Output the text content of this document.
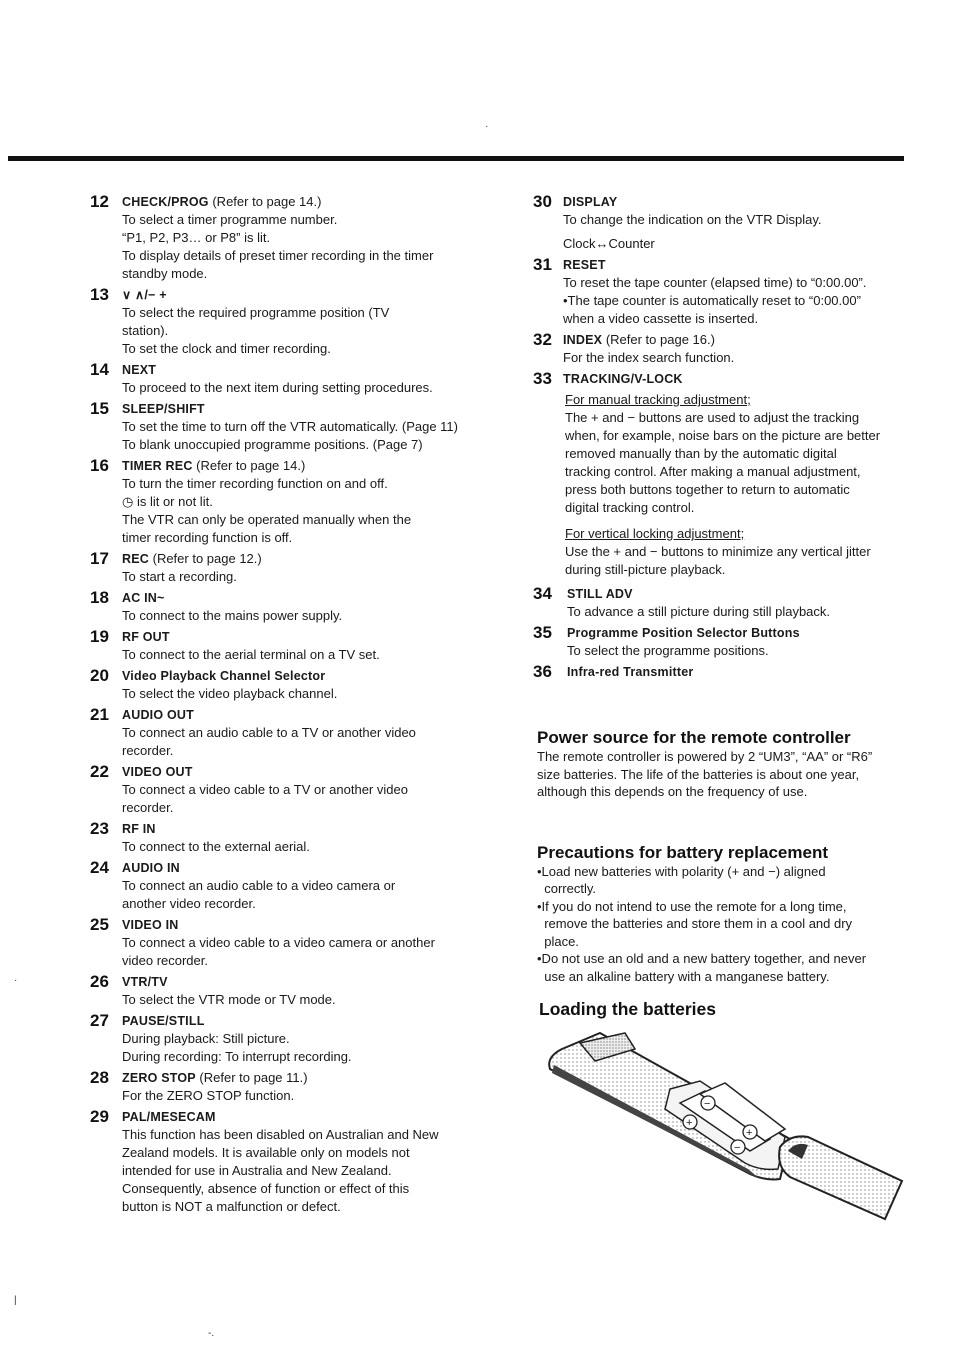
·
12 CHECK/PROG (Refer to page 14.)
To select a timer programme number.
“P1, P2, P3… or P8” is lit.
To display details of preset timer recording in the timer
standby mode.
13 ∨ ∧/− +
To select the required programme position (TV
station).
To set the clock and timer recording.
14 NEXT
To proceed to the next item during setting procedures.
15 SLEEP/SHIFT
To set the time to turn off the VTR automatically. (Page 11)
To blank unoccupied programme positions. (Page 7)
16 TIMER REC (Refer to page 14.)
To turn the timer recording function on and off.
◷ is lit or not lit.
The VTR can only be operated manually when the
timer recording function is off.
17 REC (Refer to page 12.)
To start a recording.
18 AC IN~
To connect to the mains power supply.
19 RF OUT
To connect to the aerial terminal on a TV set.
20 Video Playback Channel Selector
To select the video playback channel.
21 AUDIO OUT
To connect an audio cable to a TV or another video
recorder.
22 VIDEO OUT
To connect a video cable to a TV or another video
recorder.
23 RF IN
To connect to the external aerial.
24 AUDIO IN
To connect an audio cable to a video camera or
another video recorder.
25 VIDEO IN
To connect a video cable to a video camera or another
video recorder.
26 VTR/TV
To select the VTR mode or TV mode.
27 PAUSE/STILL
During playback: Still picture.
During recording: To interrupt recording.
28 ZERO STOP (Refer to page 11.)
For the ZERO STOP function.
29 PAL/MESECAM
This function has been disabled on Australian and New
Zealand models. It is available only on models not
intended for use in Australia and New Zealand.
Consequently, absence of function or effect of this
button is NOT a malfunction or defect.
30 DISPLAY
To change the indication on the VTR Display.
Clock↔Counter
31 RESET
To reset the tape counter (elapsed time) to “0:00.00”.
•The tape counter is automatically reset to “0:00.00”
when a video cassette is inserted.
32 INDEX (Refer to page 16.)
For the index search function.
33 TRACKING/V-LOCK
For manual tracking adjustment;
The + and − buttons are used to adjust the tracking
when, for example, noise bars on the picture are better
removed manually than by the automatic digital
tracking control. After making a manual adjustment,
press both buttons together to return to automatic
digital tracking control.
For vertical locking adjustment;
Use the + and − buttons to minimize any vertical jitter
during still-picture playback.
34 STILL ADV
To advance a still picture during still playback.
35 Programme Position Selector Buttons
To select the programme positions.
36 Infra-red Transmitter
Power source for the remote controller

The remote controller is powered by 2 “UM3”, “AA” or “R6”

size batteries. The life of the batteries is about one year,

although this depends on the frequency of use.

Precautions for battery replacement

•Load new batteries with polarity (+ and −) aligned

correctly.

•If you do not intend to use the remote for a long time,

remove the batteries and store them in a cool and dry

place.

•Do not use an old and a new battery together, and never

use an alkaline battery with a manganese battery.

Loading the batteries
+
−
+
−
·
|
-.
